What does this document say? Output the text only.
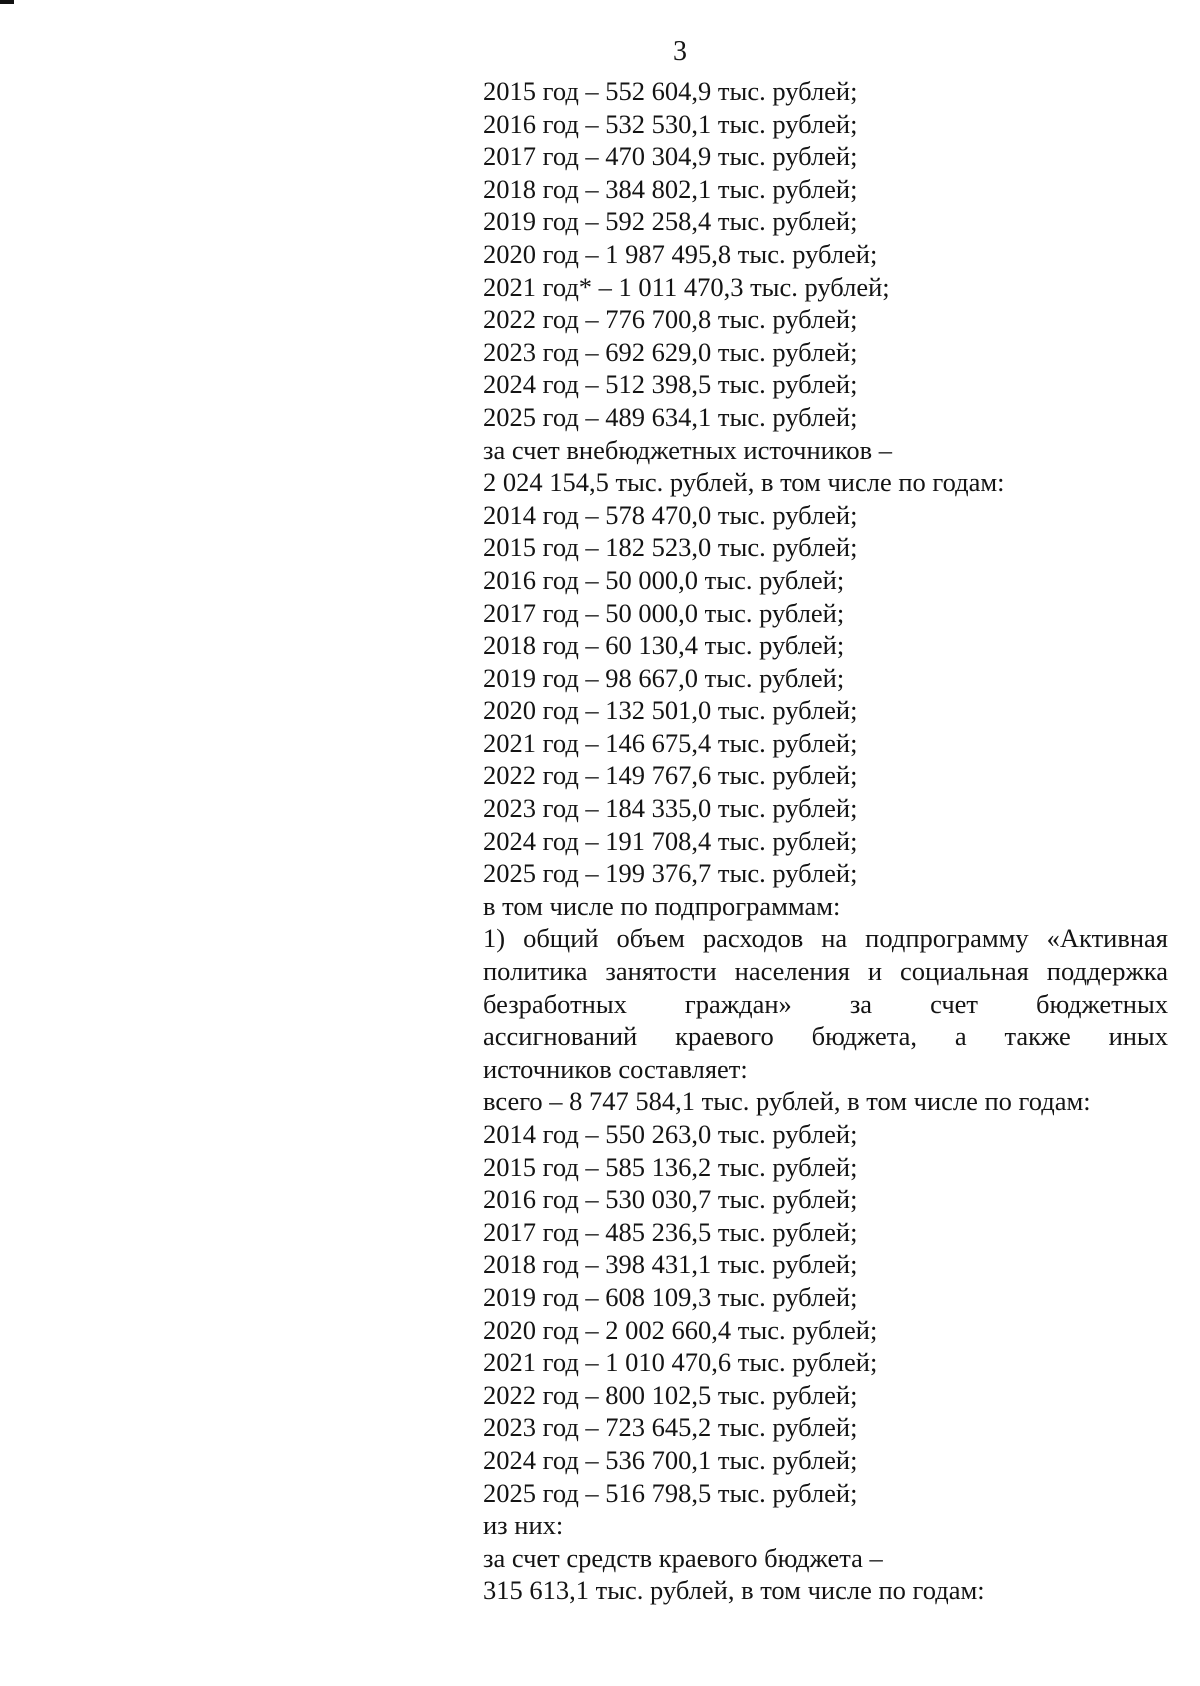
3
2015 год – 552 604,9 тыс. рублей;
2016 год – 532 530,1 тыс. рублей;
2017 год – 470 304,9 тыс. рублей;
2018 год – 384 802,1 тыс. рублей;
2019 год – 592 258,4 тыс. рублей;
2020 год – 1 987 495,8 тыс. рублей;
2021 год* – 1 011 470,3 тыс. рублей;
2022 год – 776 700,8 тыс. рублей;
2023 год – 692 629,0 тыс. рублей;
2024 год – 512 398,5 тыс. рублей;
2025 год – 489 634,1 тыс. рублей;
за счет внебюджетных источников –
2 024 154,5 тыс. рублей, в том числе по годам:
2014 год – 578 470,0 тыс. рублей;
2015 год – 182 523,0 тыс. рублей;
2016 год – 50 000,0 тыс. рублей;
2017 год – 50 000,0 тыс. рублей;
2018 год – 60 130,4 тыс. рублей;
2019 год – 98 667,0 тыс. рублей;
2020 год – 132 501,0 тыс. рублей;
2021 год – 146 675,4 тыс. рублей;
2022 год – 149 767,6 тыс. рублей;
2023 год – 184 335,0 тыс. рублей;
2024 год – 191 708,4 тыс. рублей;
2025 год – 199 376,7 тыс. рублей;
в том числе по подпрограммам:
1) общий объем расходов на подпрограмму «Активная
политика занятости населения и социальная поддержка
безработных граждан» за счет бюджетных
ассигнований краевого бюджета, а также иных
источников составляет:
всего – 8 747 584,1 тыс. рублей, в том числе по годам:
2014 год – 550 263,0 тыс. рублей;
2015 год – 585 136,2 тыс. рублей;
2016 год – 530 030,7 тыс. рублей;
2017 год – 485 236,5 тыс. рублей;
2018 год – 398 431,1 тыс. рублей;
2019 год – 608 109,3 тыс. рублей;
2020 год – 2 002 660,4 тыс. рублей;
2021 год – 1 010 470,6 тыс. рублей;
2022 год – 800 102,5 тыс. рублей;
2023 год – 723 645,2 тыс. рублей;
2024 год – 536 700,1 тыс. рублей;
2025 год – 516 798,5 тыс. рублей;
из них:
за счет средств краевого бюджета –
315 613,1 тыс. рублей, в том числе по годам:
